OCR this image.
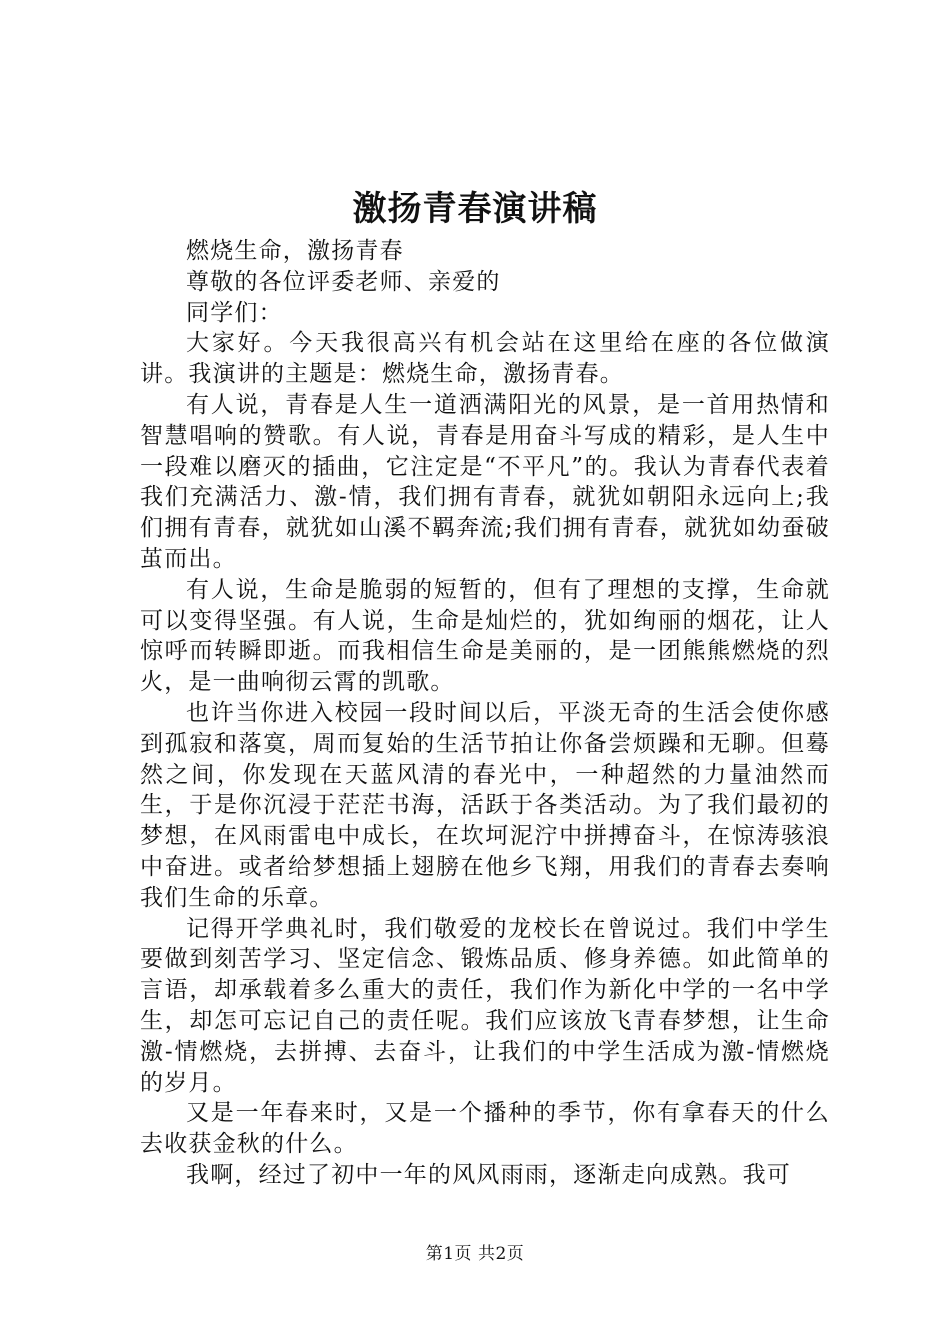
激扬青春演讲稿

燃烧生命，激扬青春

尊敬的各位评委老师、亲爱的

同学们：

大家好。今天我很高兴有机会站在这里给在座的各位做演讲。我演讲的主题是：燃烧生命，激扬青春。

有人说，青春是人生一道洒满阳光的风景，是一首用热情和智慧唱响的赞歌。有人说，青春是用奋斗写成的精彩，是人生中一段难以磨灭的插曲，它注定是“不平凡”的。我认为青春代表着我们充满活力、激-情，我们拥有青春，就犹如朝阳永远向上;我们拥有青春，就犹如山溪不羁奔流;我们拥有青春，就犹如幼蚕破茧而出。

有人说，生命是脆弱的短暂的，但有了理想的支撑，生命就可以变得坚强。有人说，生命是灿烂的，犹如绚丽的烟花，让人惊呼而转瞬即逝。而我相信生命是美丽的，是一团熊熊燃烧的烈火，是一曲响彻云霄的凯歌。

也许当你进入校园一段时间以后，平淡无奇的生活会使你感到孤寂和落寞，周而复始的生活节拍让你备尝烦躁和无聊。但蓦然之间，你发现在天蓝风清的春光中，一种超然的力量油然而生，于是你沉浸于茫茫书海，活跃于各类活动。为了我们最初的梦想，在风雨雷电中成长，在坎坷泥泞中拼搏奋斗，在惊涛骇浪中奋进。或者给梦想插上翅膀在他乡飞翔，用我们的青春去奏响我们生命的乐章。

记得开学典礼时，我们敬爱的龙校长在曾说过。我们中学生要做到刻苦学习、坚定信念、锻炼品质、修身养德。如此简单的言语，却承载着多么重大的责任，我们作为新化中学的一名中学生，却怎可忘记自己的责任呢。我们应该放飞青春梦想，让生命激-情燃烧，去拼搏、去奋斗，让我们的中学生活成为激-情燃烧的岁月。

又是一年春来时，又是一个播种的季节，你有拿春天的什么去收获金秋的什么。

我啊，经过了初中一年的风风雨雨，逐渐走向成熟。我可

第1页 共2页
